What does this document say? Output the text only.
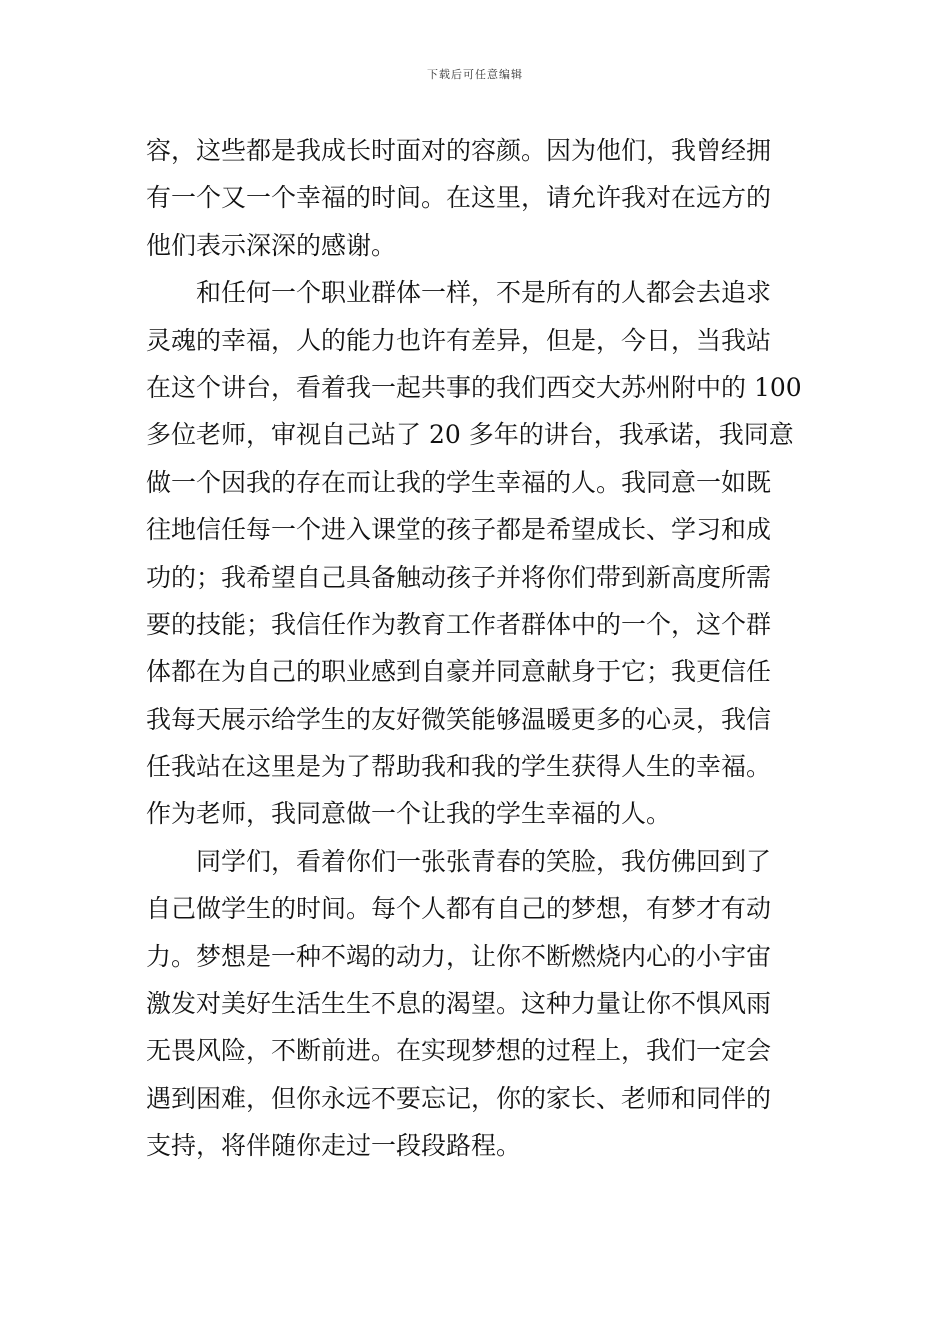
下载后可任意编辑
容，这些都是我成长时面对的容颜。因为他们，我曾经拥
有一个又一个幸福的时间。在这里，请允许我对在远方的
他们表示深深的感谢。
和任何一个职业群体一样，不是所有的人都会去追求
灵魂的幸福，人的能力也许有差异，但是，今日，当我站
在这个讲台，看着我一起共事的我们西交大苏州附中的 100
多位老师，审视自己站了 20 多年的讲台，我承诺，我同意
做一个因我的存在而让我的学生幸福的人。我同意一如既
往地信任每一个进入课堂的孩子都是希望成长、学习和成
功的；我希望自己具备触动孩子并将你们带到新高度所需
要的技能；我信任作为教育工作者群体中的一个，这个群
体都在为自己的职业感到自豪并同意献身于它；我更信任
我每天展示给学生的友好微笑能够温暖更多的心灵，我信
任我站在这里是为了帮助我和我的学生获得人生的幸福。
作为老师，我同意做一个让我的学生幸福的人。
同学们，看着你们一张张青春的笑脸，我仿佛回到了
自己做学生的时间。每个人都有自己的梦想，有梦才有动
力。梦想是一种不竭的动力，让你不断燃烧内心的小宇宙
激发对美好生活生生不息的渴望。这种力量让你不惧风雨
无畏风险，不断前进。在实现梦想的过程上，我们一定会
遇到困难，但你永远不要忘记，你的家长、老师和同伴的
支持，将伴随你走过一段段路程。
